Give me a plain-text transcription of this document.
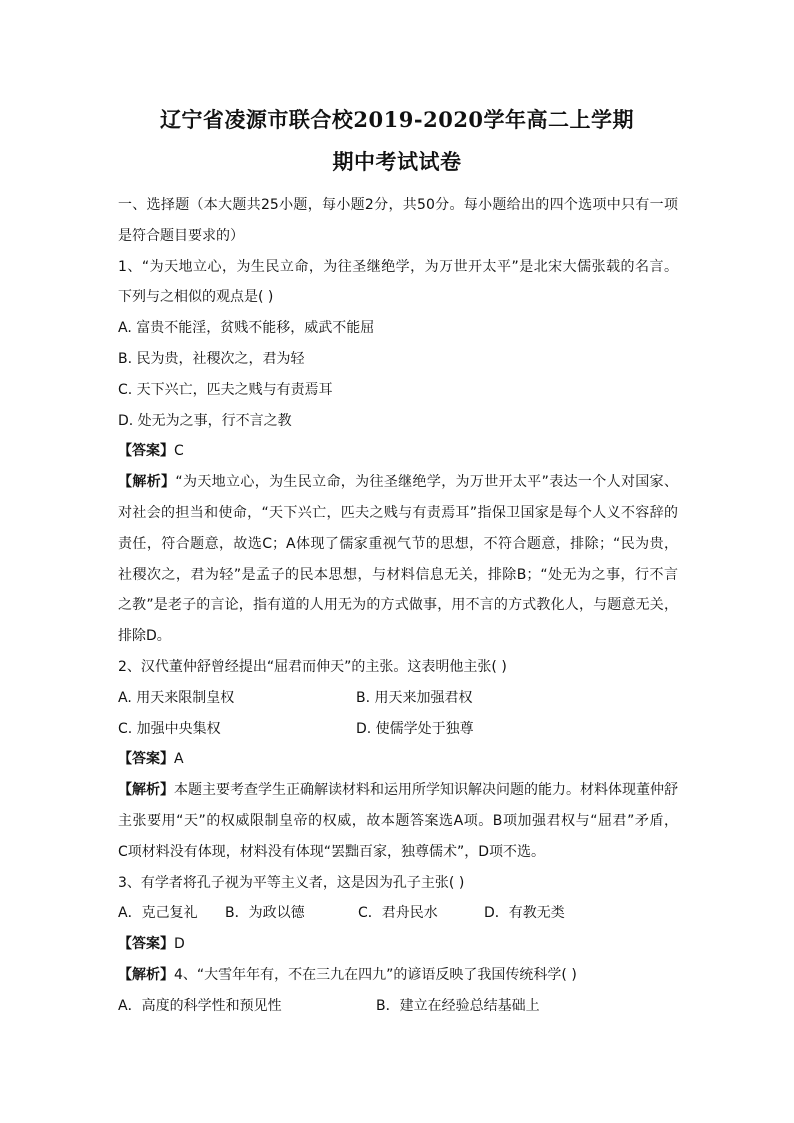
辽宁省凌源市联合校2019-2020学年高二上学期
期中考试试卷
一、选择题（本大题共25小题，每小题2分，共50分。每小题给出的四个选项中只有一项
是符合题目要求的）
1、“为天地立心，为生民立命，为往圣继绝学，为万世开太平”是北宋大儒张载的名言。
下列与之相似的观点是( )
A. 富贵不能淫，贫贱不能移，威武不能屈
B. 民为贵，社稷次之，君为轻
C. 天下兴亡，匹夫之贱与有责焉耳
D. 处无为之事，行不言之教
【答案】C
【解析】“为天地立心，为生民立命，为往圣继绝学，为万世开太平”表达一个人对国家、
对社会的担当和使命，“天下兴亡，匹夫之贱与有责焉耳”指保卫国家是每个人义不容辞的
责任，符合题意，故选C；A体现了儒家重视气节的思想，不符合题意，排除；“民为贵，
社稷次之，君为轻”是孟子的民本思想，与材料信息无关，排除B；“处无为之事，行不言
之教”是老子的言论，指有道的人用无为的方式做事，用不言的方式教化人，与题意无关，
排除D。
2、汉代董仲舒曾经提出“屈君而伸天”的主张。这表明他主张( )
A. 用天来限制皇权	B. 用天来加强君权
C. 加强中央集权	D. 使儒学处于独尊
【答案】A
【解析】本题主要考查学生正确解读材料和运用所学知识解决问题的能力。材料体现董仲舒
主张要用“天”的权威限制皇帝的权威，故本题答案选A项。B项加强君权与“屈君”矛盾，
C项材料没有体现，材料没有体现“罢黜百家，独尊儒术”，D项不选。
3、有学者将孔子视为平等主义者，这是因为孔子主张( )
A．克己复礼	B．为政以德	C．君舟民水	D．有教无类
【答案】D
【解析】4、“大雪年年有，不在三九在四九”的谚语反映了我国传统科学( )
A．高度的科学性和预见性	B．建立在经验总结基础上
